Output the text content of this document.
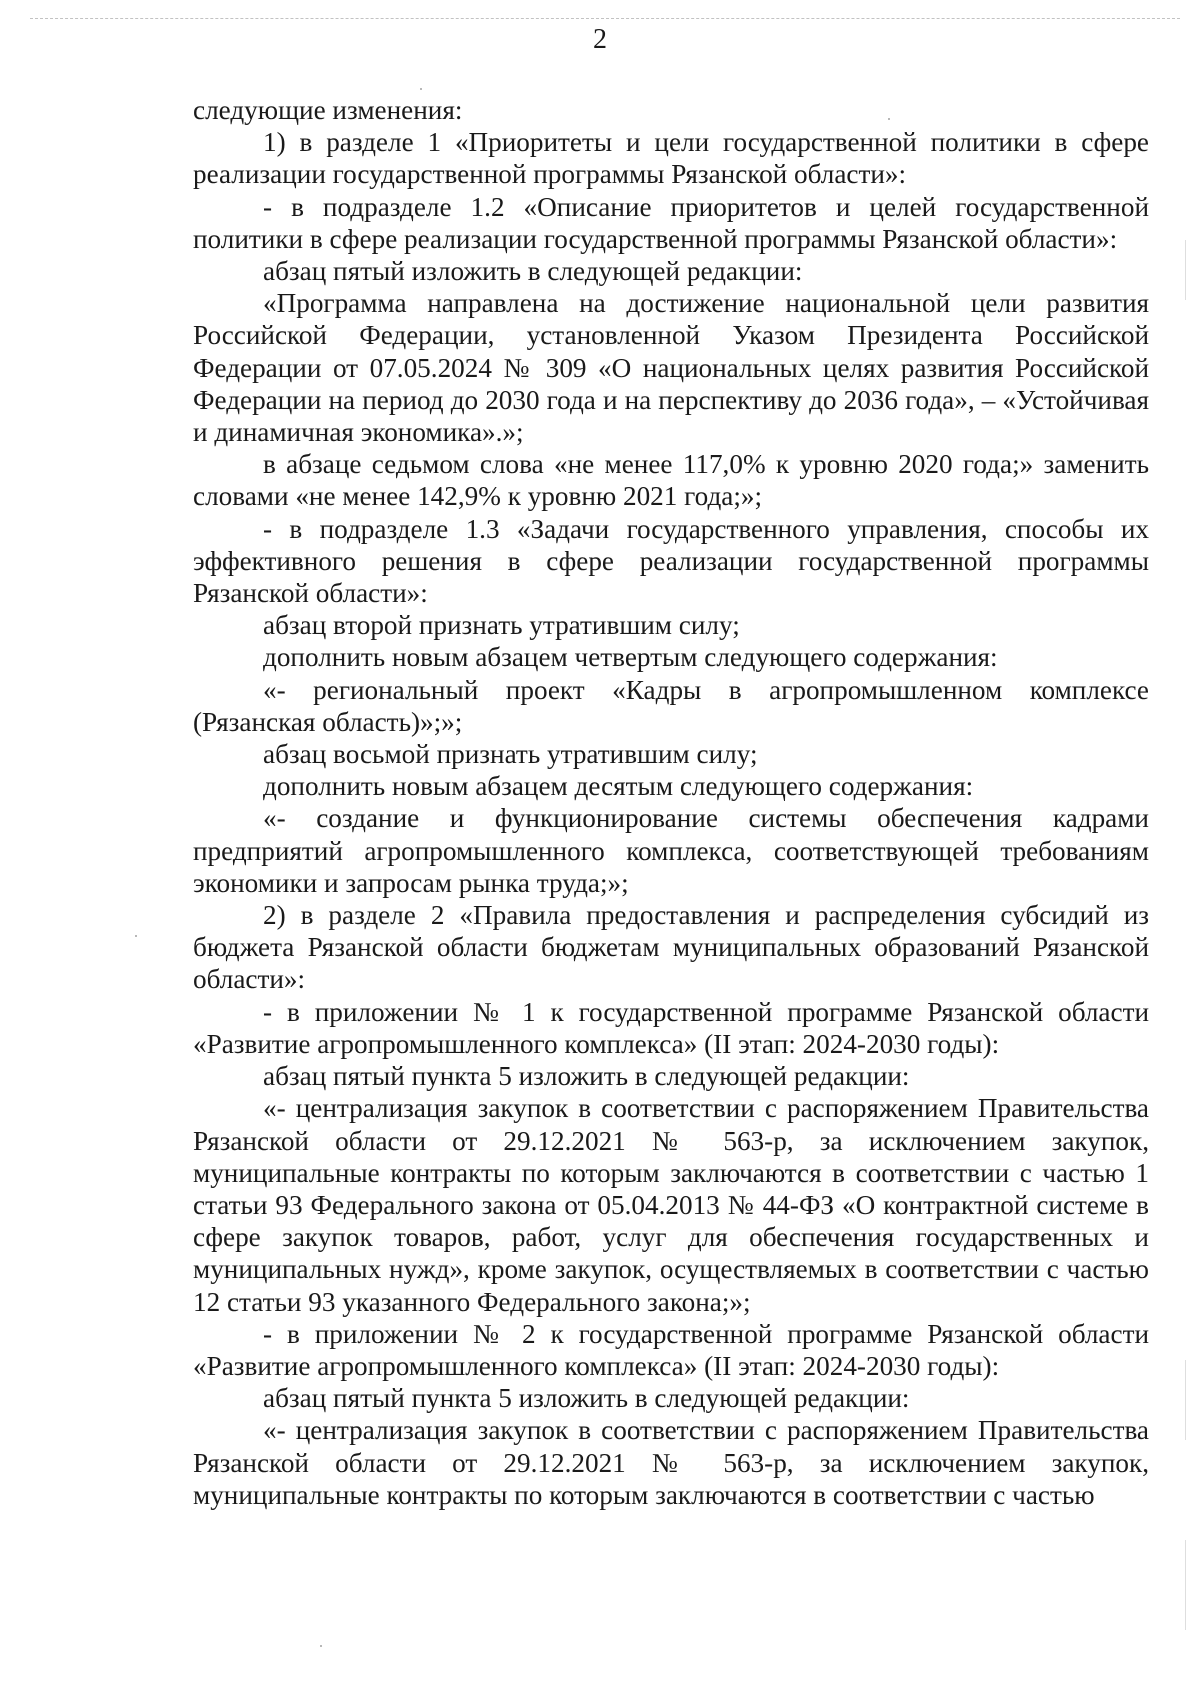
2

следующие изменения:

1) в разделе 1 «Приоритеты и цели государственной политики в сфере реализации государственной программы Рязанской области»:

- в подразделе 1.2 «Описание приоритетов и целей государственной политики в сфере реализации государственной программы Рязанской области»:

абзац пятый изложить в следующей редакции:

«Программа направлена на достижение национальной цели развития Российской Федерации, установленной Указом Президента Российской Федерации от 07.05.2024 № 309 «О национальных целях развития Российской Федерации на период до 2030 года и на перспективу до 2036 года», – «Устойчивая и динамичная экономика».»;

в абзаце седьмом слова «не менее 117,0% к уровню 2020 года;» заменить словами «не менее 142,9% к уровню 2021 года;»;

- в подразделе 1.3 «Задачи государственного управления, способы их эффективного решения в сфере реализации государственной программы Рязанской области»:

абзац второй признать утратившим силу;

дополнить новым абзацем четвертым следующего содержания:

«- региональный проект «Кадры в агропромышленном комплексе (Рязанская область)»;»;

абзац восьмой признать утратившим силу;

дополнить новым абзацем десятым следующего содержания:

«- создание и функционирование системы обеспечения кадрами предприятий агропромышленного комплекса, соответствующей требованиям экономики и запросам рынка труда;»;

2) в разделе 2 «Правила предоставления и распределения субсидий из бюджета Рязанской области бюджетам муниципальных образований Рязанской области»:

- в приложении № 1 к государственной программе Рязанской области «Развитие агропромышленного комплекса» (II этап: 2024-2030 годы):

абзац пятый пункта 5 изложить в следующей редакции:

«- централизация закупок в соответствии с распоряжением Правительства Рязанской области от 29.12.2021 № 563-р, за исключением закупок, муниципальные контракты по которым заключаются в соответствии с частью 1 статьи 93 Федерального закона от 05.04.2013 № 44-ФЗ «О контрактной системе в сфере закупок товаров, работ, услуг для обеспечения государственных и муниципальных нужд», кроме закупок, осуществляемых в соответствии с частью 12 статьи 93 указанного Федерального закона;»;

- в приложении № 2 к государственной программе Рязанской области «Развитие агропромышленного комплекса» (II этап: 2024-2030 годы):

абзац пятый пункта 5 изложить в следующей редакции:

«- централизация закупок в соответствии с распоряжением Правительства Рязанской области от 29.12.2021 № 563-р, за исключением закупок, муниципальные контракты по которым заключаются в соответствии с частью
